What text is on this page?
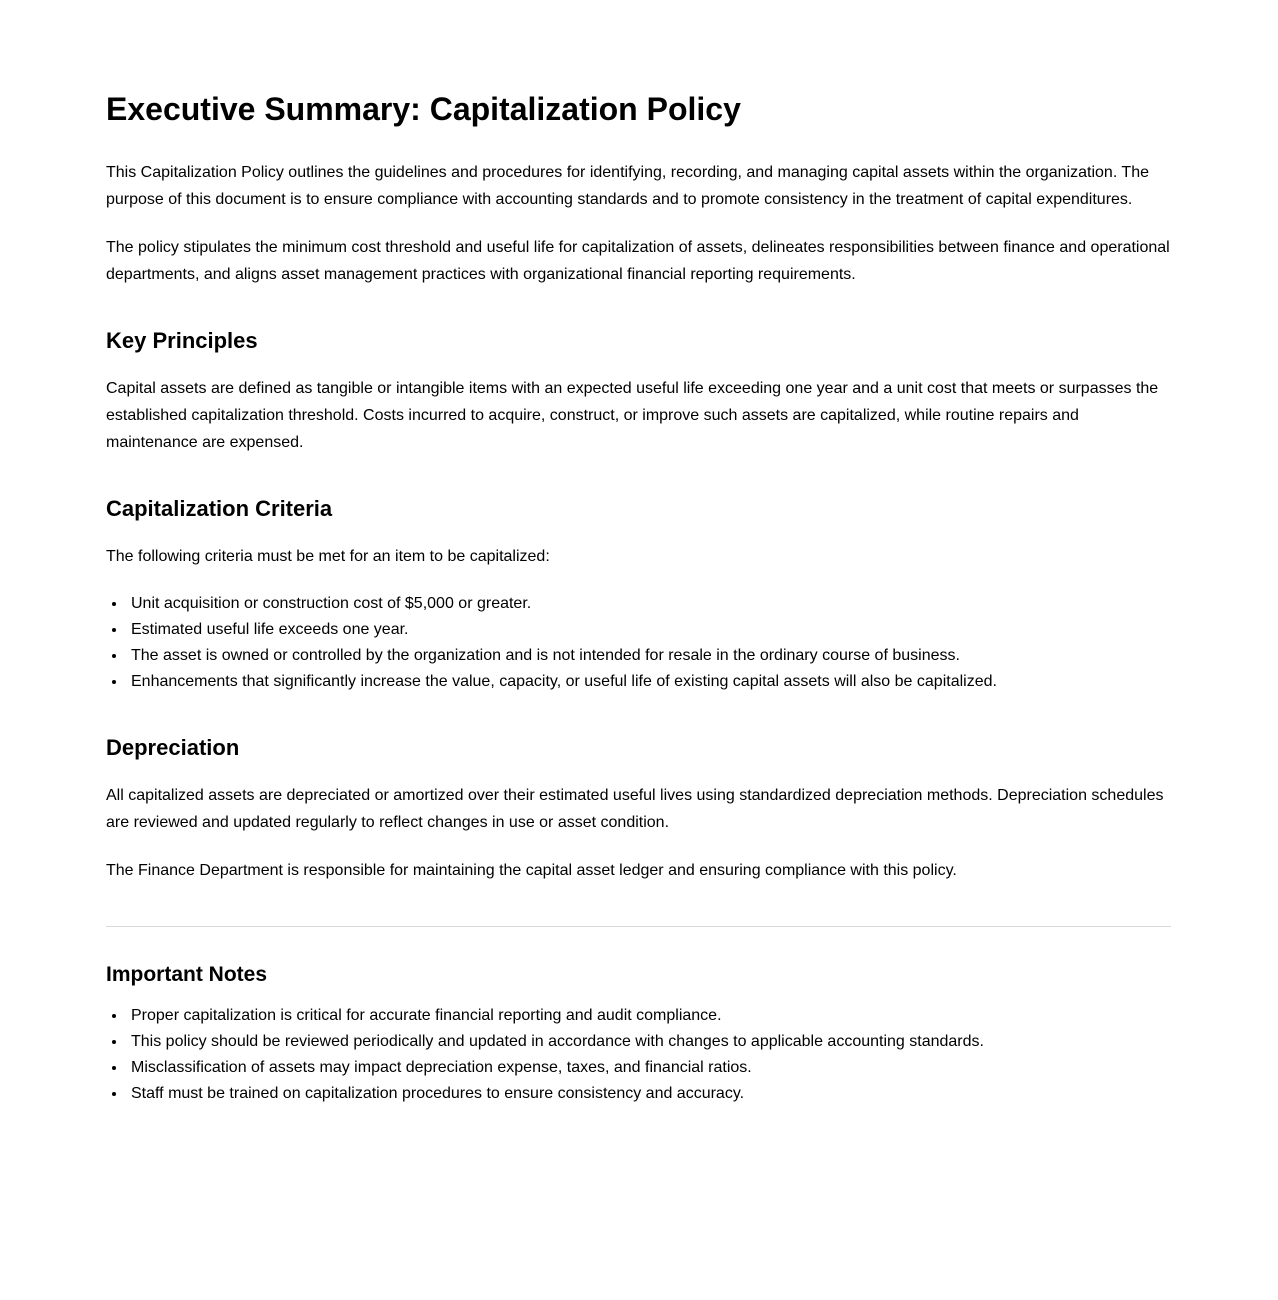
Executive Summary: Capitalization Policy

This Capitalization Policy outlines the guidelines and procedures for identifying, recording, and managing capital assets within the organization. The purpose of this document is to ensure compliance with accounting standards and to promote consistency in the treatment of capital expenditures.

The policy stipulates the minimum cost threshold and useful life for capitalization of assets, delineates responsibilities between finance and operational departments, and aligns asset management practices with organizational financial reporting requirements.

Key Principles

Capital assets are defined as tangible or intangible items with an expected useful life exceeding one year and a unit cost that meets or surpasses the established capitalization threshold. Costs incurred to acquire, construct, or improve such assets are capitalized, while routine repairs and maintenance are expensed.

Capitalization Criteria

The following criteria must be met for an item to be capitalized:

• Unit acquisition or construction cost of $5,000 or greater.
• Estimated useful life exceeds one year.
• The asset is owned or controlled by the organization and is not intended for resale in the ordinary course of business.
• Enhancements that significantly increase the value, capacity, or useful life of existing capital assets will also be capitalized.
Depreciation

All capitalized assets are depreciated or amortized over their estimated useful lives using standardized depreciation methods. Depreciation schedules are reviewed and updated regularly to reflect changes in use or asset condition.

The Finance Department is responsible for maintaining the capital asset ledger and ensuring compliance with this policy.

Important Notes
• Proper capitalization is critical for accurate financial reporting and audit compliance.
• This policy should be reviewed periodically and updated in accordance with changes to applicable accounting standards.
• Misclassification of assets may impact depreciation expense, taxes, and financial ratios.
• Staff must be trained on capitalization procedures to ensure consistency and accuracy.
